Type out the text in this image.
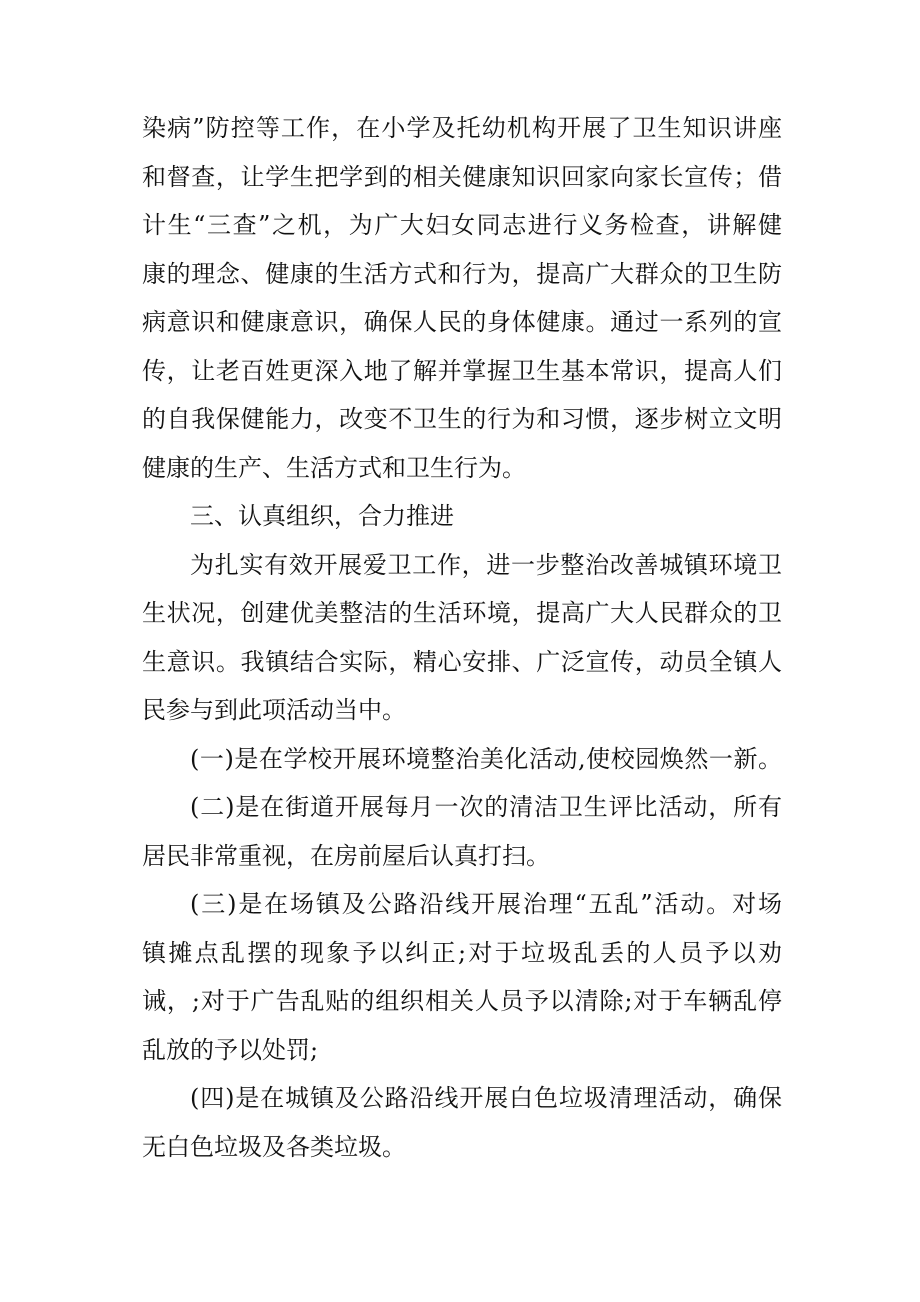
染病”防控等工作，在小学及托幼机构开展了卫生知识讲座
和督查，让学生把学到的相关健康知识回家向家长宣传；借
计生“三查”之机，为广大妇女同志进行义务检查，讲解健
康的理念、健康的生活方式和行为，提高广大群众的卫生防
病意识和健康意识，确保人民的身体健康。通过一系列的宣
传，让老百姓更深入地了解并掌握卫生基本常识，提高人们
的自我保健能力，改变不卫生的行为和习惯，逐步树立文明
健康的生产、生活方式和卫生行为。
三、认真组织，合力推进
为扎实有效开展爱卫工作，进一步整治改善城镇环境卫
生状况，创建优美整洁的生活环境，提高广大人民群众的卫
生意识。我镇结合实际，精心安排、广泛宣传，动员全镇人
民参与到此项活动当中。
(一)是在学校开展环境整治美化活动,使校园焕然一新。
(二)是在街道开展每月一次的清洁卫生评比活动，所有
居民非常重视，在房前屋后认真打扫。
(三)是在场镇及公路沿线开展治理“五乱”活动。对场
镇摊点乱摆的现象予以纠正;对于垃圾乱丢的人员予以劝
诫，;对于广告乱贴的组织相关人员予以清除;对于车辆乱停
乱放的予以处罚;
(四)是在城镇及公路沿线开展白色垃圾清理活动，确保
无白色垃圾及各类垃圾。
